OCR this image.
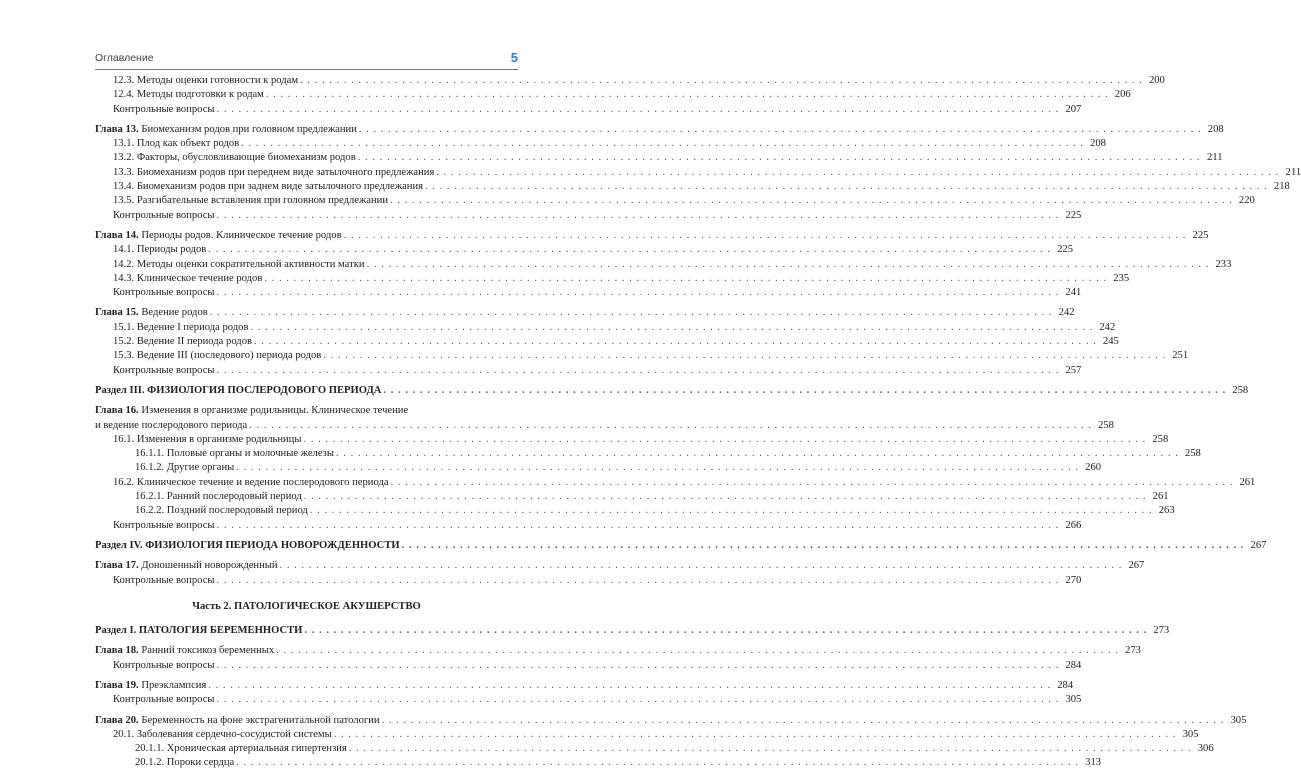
Оглавление	5
12.3. Методы оценки готовности к родам . . .	200
12.4. Методы подготовки к родам . . .	206
Контрольные вопросы . . .	207
Глава 13. Биомеханизм родов при головном предлежании . . .	208
13.1. Плод как объект родов . . .	208
13.2. Факторы, обусловливающие биомеханизм родов . . .	211
13.3. Биомеханизм родов при переднем виде затылочного предлежания . . .	211
13.4. Биомеханизм родов при заднем виде затылочного предлежания . . .	218
13.5. Разгибательные вставления при головном предлежании . . .	220
Контрольные вопросы . . .	225
Глава 14. Периоды родов. Клиническое течение родов . . .	225
14.1. Периоды родов . . .	225
14.2. Методы оценки сократительной активности матки . . .	233
14.3. Клиническое течение родов . . .	235
Контрольные вопросы . . .	241
Глава 15. Ведение родов . . .	242
15.1. Ведение I периода родов . . .	242
15.2. Ведение II периода родов . . .	245
15.3. Ведение III (последового) периода родов . . .	251
Контрольные вопросы . . .	257
Раздел III. ФИЗИОЛОГИЯ ПОСЛЕРОДОВОГО ПЕРИОДА . . .	258
Глава 16. Изменения в организме родильницы. Клиническое течение
и ведение послеродового периода . . .	258
16.1. Изменения в организме родильницы . . .	258
16.1.1. Половые органы и молочные железы . . .	258
16.1.2. Другие органы . . .	260
16.2. Клиническое течение и ведение послеродового периода . . .	261
16.2.1. Ранний послеродовый период . . .	261
16.2.2. Поздний послеродовый период . . .	263
Контрольные вопросы . . .	266
Раздел IV. ФИЗИОЛОГИЯ ПЕРИОДА НОВОРОЖДЕННОСТИ . . .	267
Глава 17. Доношенный новорожденный . . .	267
Контрольные вопросы . . .	270
Часть 2. ПАТОЛОГИЧЕСКОЕ АКУШЕРСТВО
Раздел I. ПАТОЛОГИЯ БЕРЕМЕННОСТИ . . .	273
Глава 18. Ранний токсикоз беременных . . .	273
Контрольные вопросы . . .	284
Глава 19. Преэклампсия . . .	284
Контрольные вопросы . . .	305
Глава 20. Беременность на фоне экстрагенитальной патологии . . .	305
20.1. Заболевания сердечно-сосудистой системы . . .	305
20.1.1. Хроническая артериальная гипертензия . . .	306
20.1.2. Пороки сердца . . .	313
